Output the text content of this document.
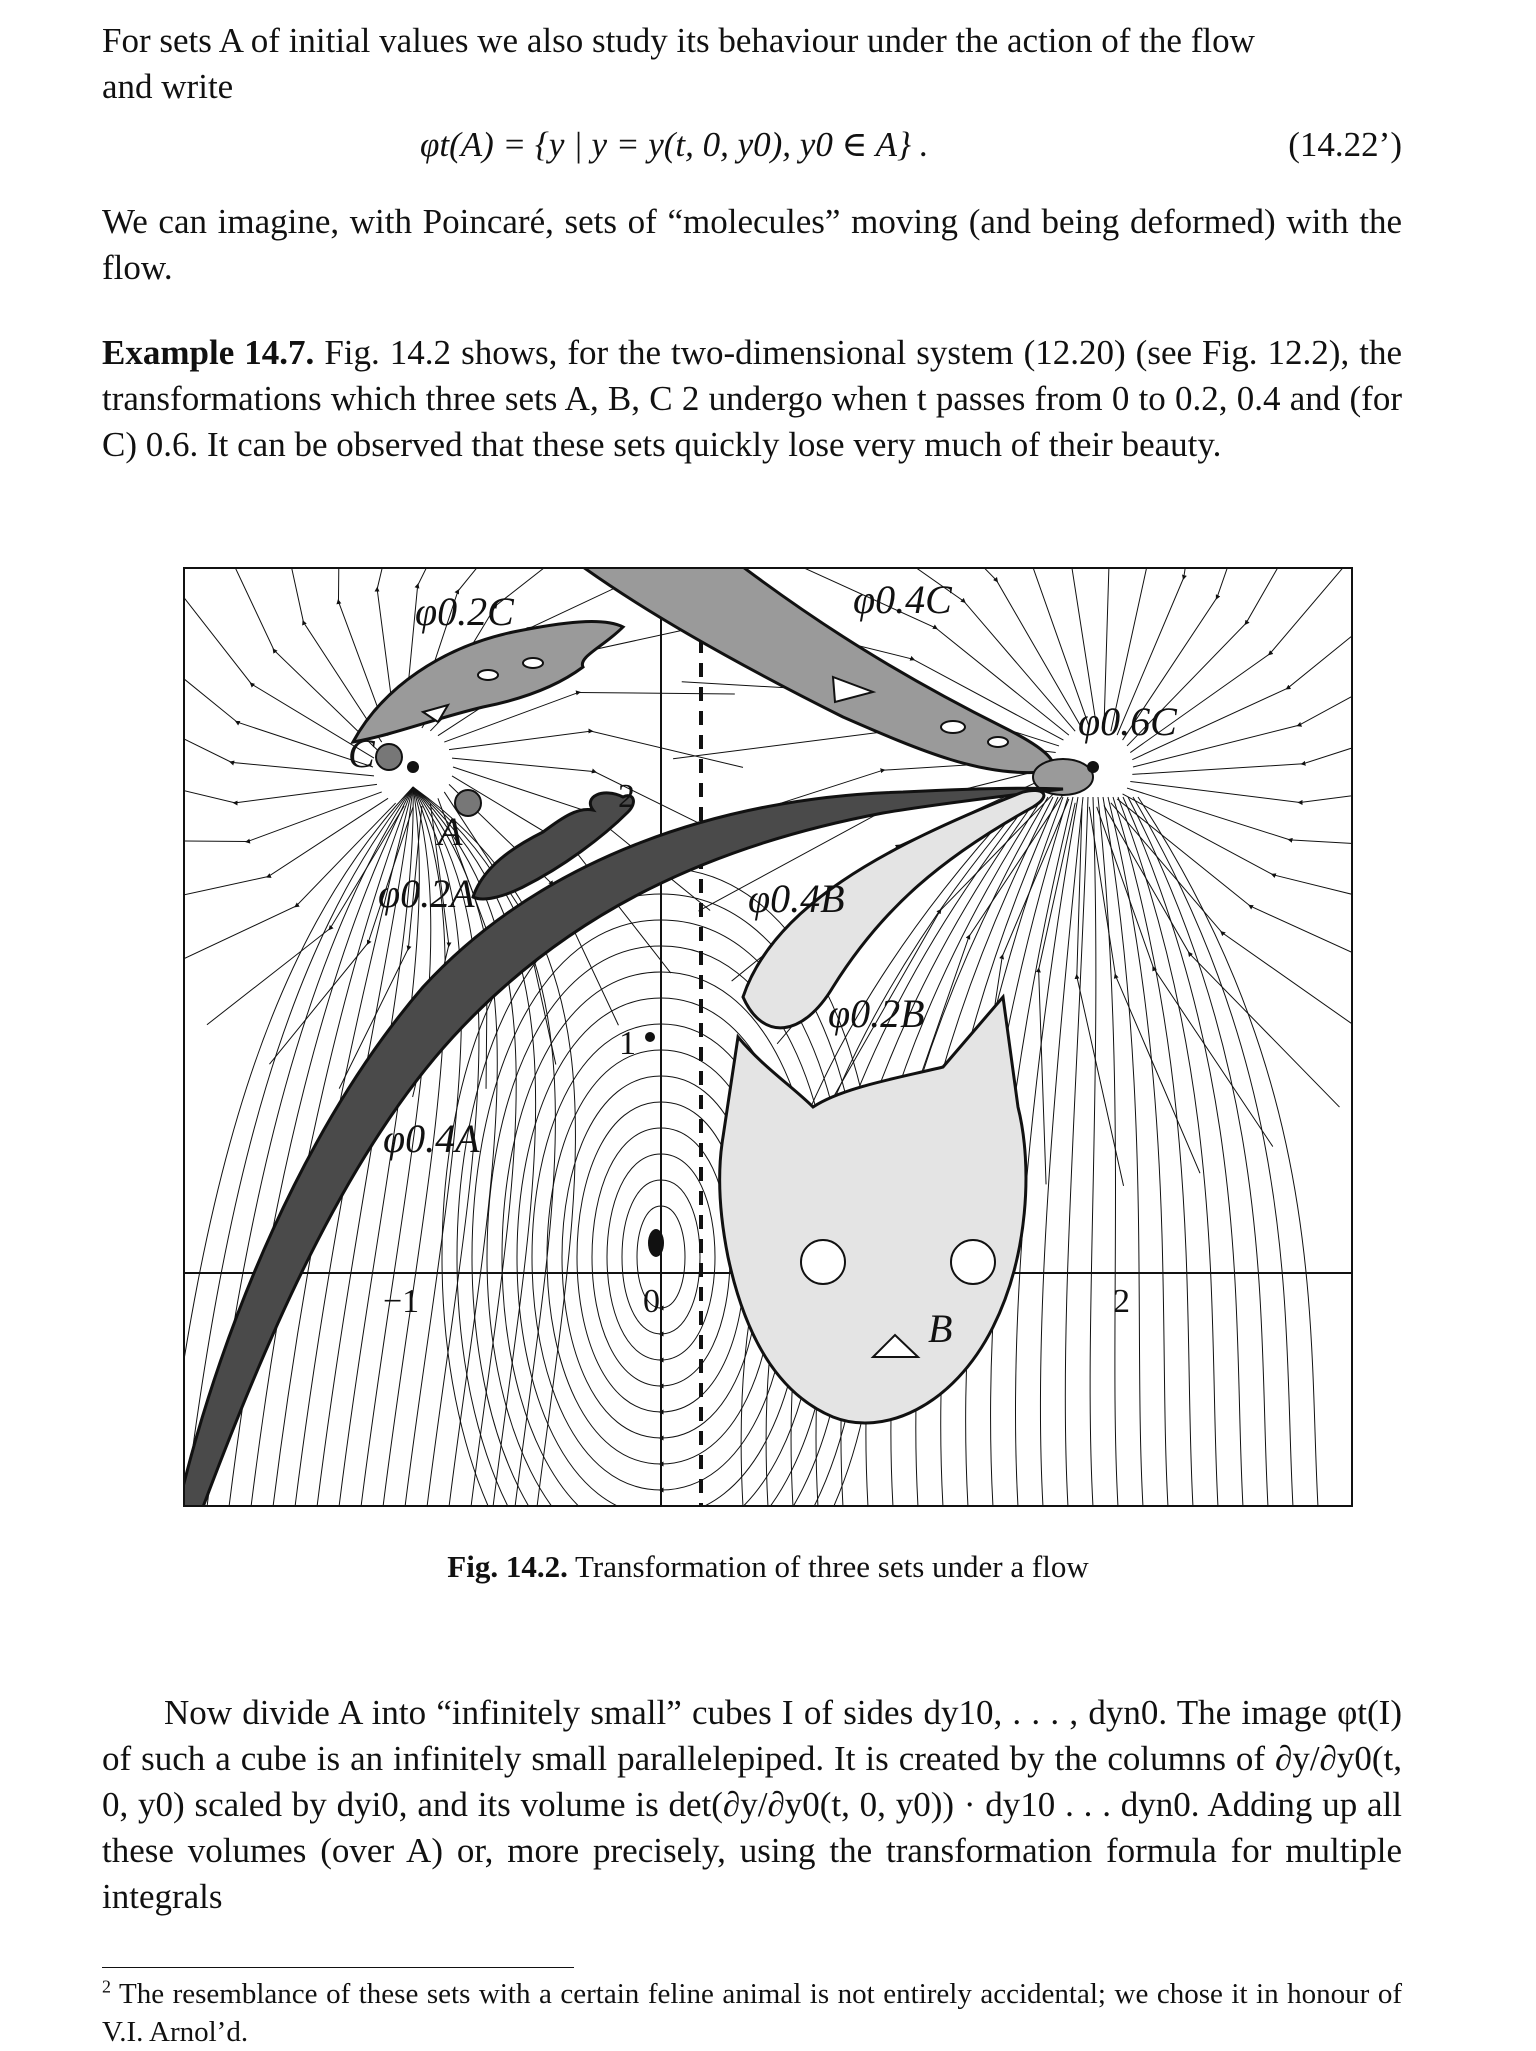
For sets A of initial values we also study its behaviour under the action of the flow
and write

φt(A) = {y | y = y(t, 0, y0), y0 ∈ A} .	(14.22’)

We can imagine, with Poincaré, sets of “molecules” moving (and being deformed) with the flow.

Example 14.7. Fig. 14.2 shows, for the two-dimensional system (12.20) (see Fig. 12.2), the transformations which three sets A, B, C 2 undergo when t passes from 0 to 0.2, 0.4 and (for C) 0.6. It can be observed that these sets quickly lose very much of their beauty.

φ0.2C	φ0.4C
φ0.6C
C
A
φ0.2A
φ0.4A
φ0.4B
φ0.2B
B
−1	0	2
1
2
Fig. 14.2. Transformation of three sets under a flow

Now divide A into “infinitely small” cubes I of sides dy10, . . . , dyn0. The image φt(I) of such a cube is an infinitely small parallelepiped. It is created by the columns of ∂y/∂y0(t, 0, y0) scaled by dyi0, and its volume is det(∂y/∂y0(t, 0, y0)) · dy10 . . . dyn0. Adding up all these volumes (over A) or, more precisely, using the transformation formula for multiple integrals

$^2$ The resemblance of these sets with a certain feline animal is not entirely accidental; we chose it in honour of V.I. Arnol’d.
